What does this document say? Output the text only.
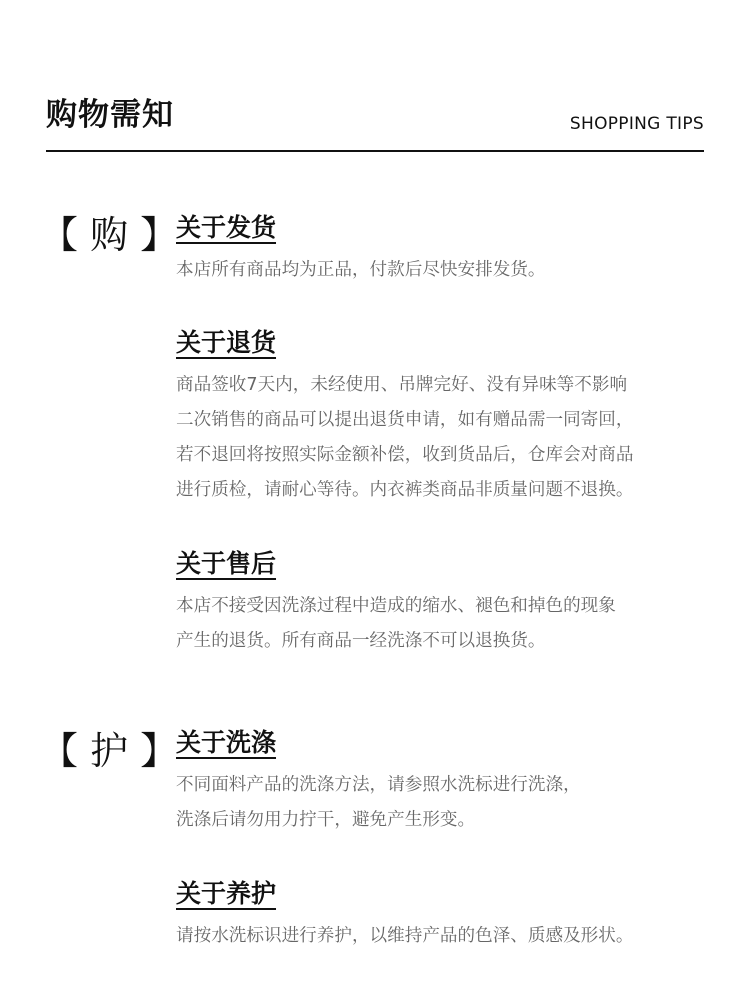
购物需知	SHOPPING TIPS
【 购 】
关于发货
本店所有商品均为正品，付款后尽快安排发货。
关于退货
商品签收7天内，未经使用、吊牌完好、没有异味等不影响
二次销售的商品可以提出退货申请，如有赠品需一同寄回，
若不退回将按照实际金额补偿，收到货品后，仓库会对商品
进行质检，请耐心等待。内衣裤类商品非质量问题不退换。
关于售后
本店不接受因洗涤过程中造成的缩水、褪色和掉色的现象
产生的退货。所有商品一经洗涤不可以退换货。
【 护 】
关于洗涤
不同面料产品的洗涤方法，请参照水洗标进行洗涤，
洗涤后请勿用力拧干，避免产生形变。
关于养护
请按水洗标识进行养护，以维持产品的色泽、质感及形状。
